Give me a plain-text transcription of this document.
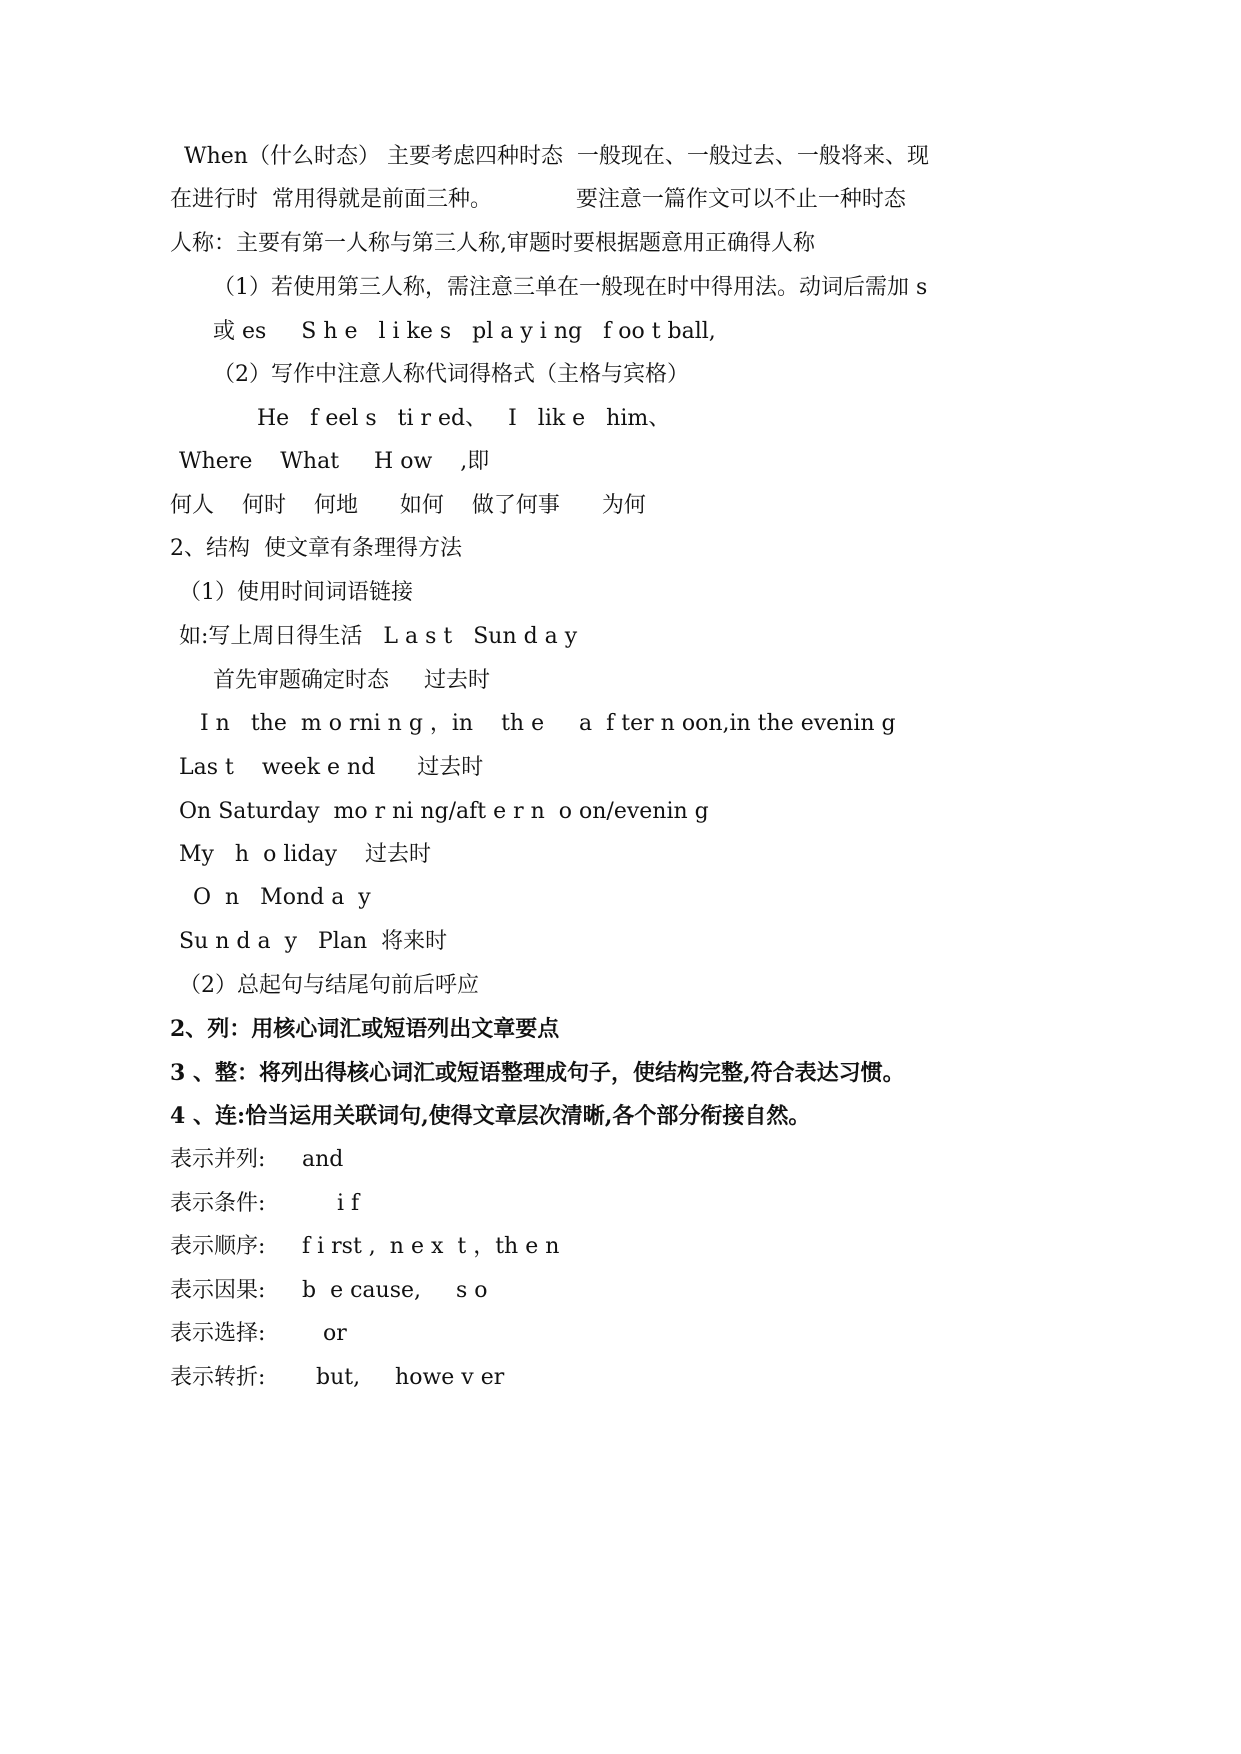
When（什么时态） 主要考虑四种时态  一般现在、一般过去、一般将来、现
在进行时  常用得就是前面三种。            要注意一篇作文可以不止一种时态
人称：主要有第一人称与第三人称,审题时要根据题意用正确得人称
（1）若使用第三人称，需注意三单在一般现在时中得用法。动词后需加 s
或 es     S h e   l i ke s   pl a y i ng   f oo t ball,
（2）写作中注意人称代词得格式（主格与宾格）
He   f eel s   ti r ed、   I   lik e   him、
Where    What     H ow    ,即
何人    何时    何地      如何    做了何事      为何
2、结构  使文章有条理得方法
（1）使用时间词语链接
如:写上周日得生活   L a s t   Sun d a y
首先审题确定时态     过去时
I n   the  m o rni n g ，in    th e     a  f ter n oon,in the evenin g
Las t    week e nd      过去时
On Saturday  mo r ni ng/aft e r n  o on/evenin g
My   h  o liday    过去时
O  n   Mond a  y
Su n d a  y   Plan  将来时
（2）总起句与结尾句前后呼应
2、列：用核心词汇或短语列出文章要点
3 、整：将列出得核心词汇或短语整理成句子，使结构完整,符合表达习惯。
4 、连:恰当运用关联词句,使得文章层次清晰,各个部分衔接自然。
表示并列: and
表示条件:     i f
表示顺序: f i rst ,  n e x  t ，th e n
表示因果: b  e cause,     s o
表示选择:   or
表示转折:  but,     howe v er
